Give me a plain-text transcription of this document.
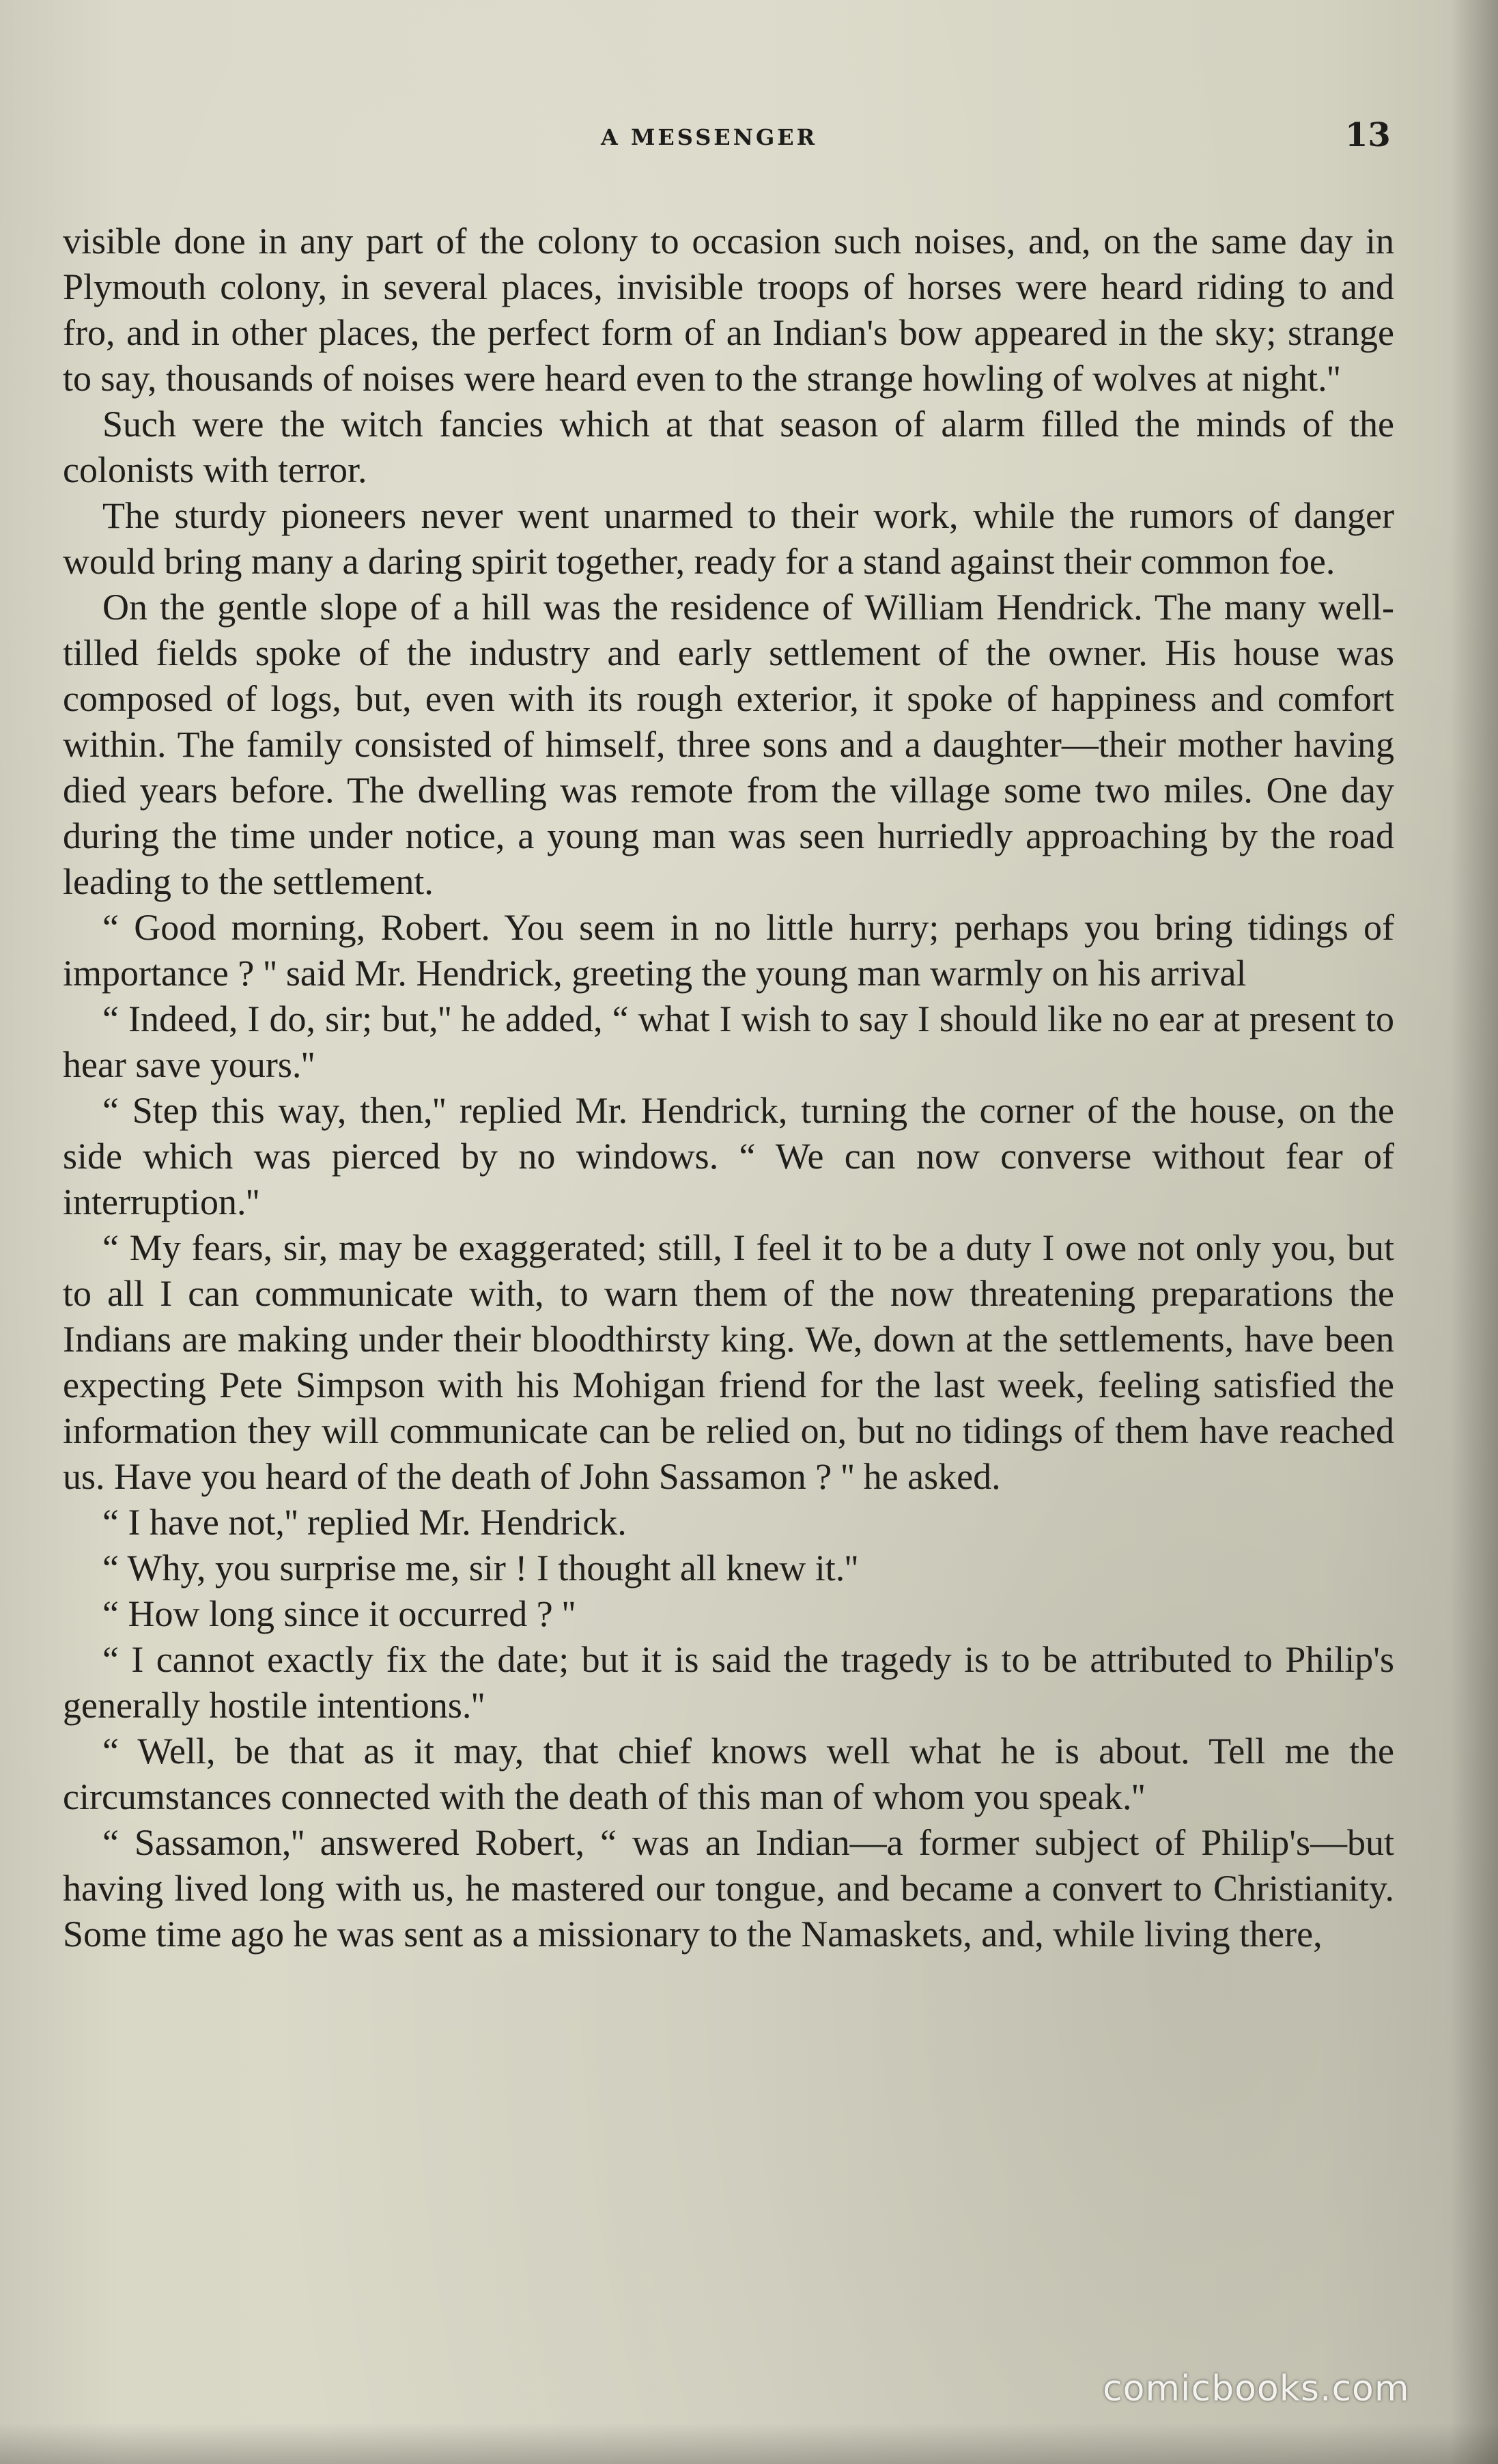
A MESSENGER	13

visible done in any part of the colony to occasion such noises, and, on the same day in Plymouth colony, in several places, invisible troops of horses were heard riding to and fro, and in other places, the perfect form of an Indian's bow appeared in the sky; strange to say, thousands of noises were heard even to the strange howling of wolves at night.''

Such were the witch fancies which at that season of alarm filled the minds of the colonists with terror.

The sturdy pioneers never went unarmed to their work, while the rumors of danger would bring many a daring spirit together, ready for a stand against their common foe.

On the gentle slope of a hill was the residence of William Hendrick. The many well-tilled fields spoke of the industry and early settlement of the owner. His house was composed of logs, but, even with its rough exterior, it spoke of happiness and comfort within. The family consisted of himself, three sons and a daughter—their mother having died years before. The dwelling was remote from the village some two miles. One day during the time under notice, a young man was seen hurriedly approaching by the road leading to the settlement.

“ Good morning, Robert. You seem in no little hurry; perhaps you bring tidings of importance ? '' said Mr. Hendrick, greeting the young man warmly on his arrival

“ Indeed, I do, sir; but,'' he added, “ what I wish to say I should like no ear at present to hear save yours.''

“ Step this way, then,'' replied Mr. Hendrick, turning the corner of the house, on the side which was pierced by no windows. “ We can now converse without fear of interruption.''

“ My fears, sir, may be exaggerated; still, I feel it to be a duty I owe not only you, but to all I can communicate with, to warn them of the now threatening preparations the Indians are making under their bloodthirsty king. We, down at the settlements, have been expecting Pete Simpson with his Mohigan friend for the last week, feeling satisfied the information they will communicate can be relied on, but no tidings of them have reached us. Have you heard of the death of John Sassamon ? '' he asked.

“ I have not,'' replied Mr. Hendrick.

“ Why, you surprise me, sir ! I thought all knew it.''

“ How long since it occurred ? ''

“ I cannot exactly fix the date; but it is said the tragedy is to be attributed to Philip's generally hostile intentions.''

“ Well, be that as it may, that chief knows well what he is about. Tell me the circumstances connected with the death of this man of whom you speak.''

“ Sassamon,'' answered Robert, “ was an Indian—a former subject of Philip's—but having lived long with us, he mastered our tongue, and became a convert to Christianity. Some time ago he was sent as a missionary to the Namaskets, and, while living there,

comicbooks.com
